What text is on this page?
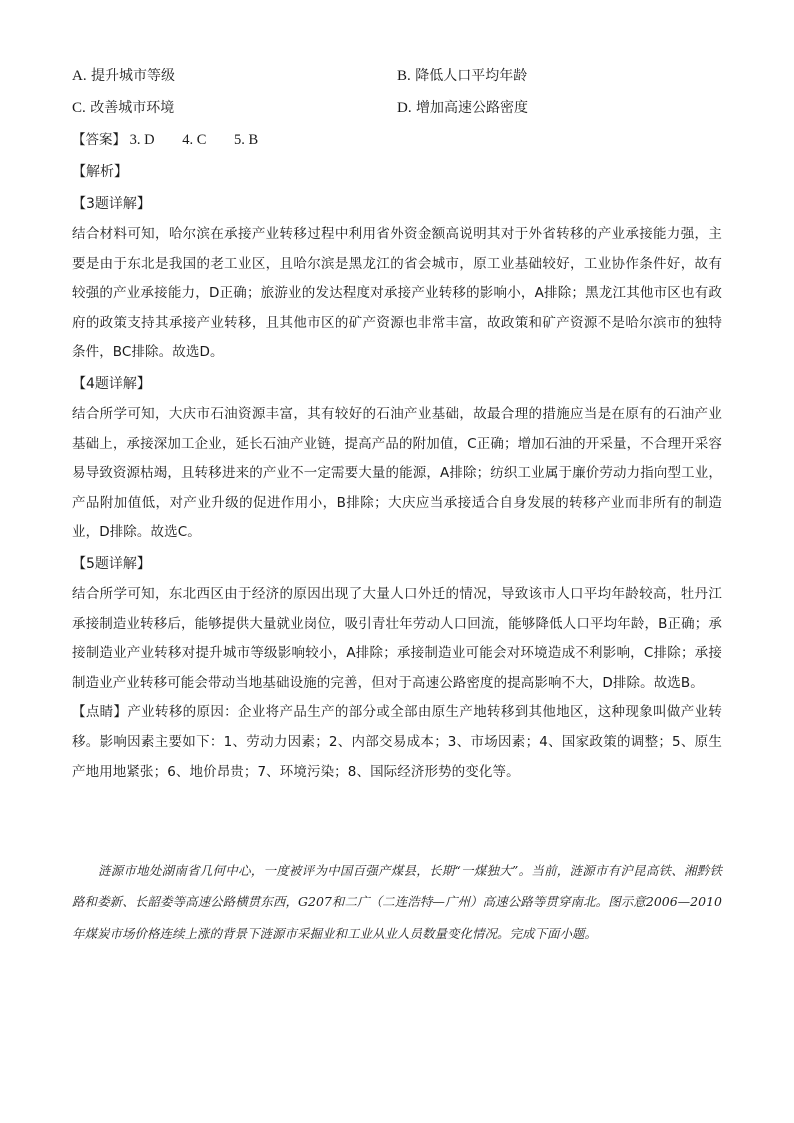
A. 提升城市等级	B. 降低人口平均年龄
C. 改善城市环境	D. 增加高速公路密度
【答案】 3. D 4. C 5. B
【解析】
【3题详解】

结合材料可知，哈尔滨在承接产业转移过程中利用省外资金额高说明其对于外省转移的产业承接能力强，主要是由于东北是我国的老工业区，且哈尔滨是黑龙江的省会城市，原工业基础较好，工业协作条件好，故有较强的产业承接能力，D正确；旅游业的发达程度对承接产业转移的影响小，A排除；黑龙江其他市区也有政府的政策支持其承接产业转移，且其他市区的矿产资源也非常丰富，故政策和矿产资源不是哈尔滨市的独特条件，BC排除。故选D。

【4题详解】

结合所学可知，大庆市石油资源丰富，其有较好的石油产业基础，故最合理的措施应当是在原有的石油产业基础上，承接深加工企业，延长石油产业链，提高产品的附加值，C正确；增加石油的开采量，不合理开采容易导致资源枯竭，且转移进来的产业不一定需要大量的能源，A排除；纺织工业属于廉价劳动力指向型工业，产品附加值低，对产业升级的促进作用小，B排除；大庆应当承接适合自身发展的转移产业而非所有的制造业，D排除。故选C。

【5题详解】

结合所学可知，东北西区由于经济的原因出现了大量人口外迁的情况，导致该市人口平均年龄较高，牡丹江承接制造业转移后，能够提供大量就业岗位，吸引青壮年劳动人口回流，能够降低人口平均年龄，B正确；承接制造业产业转移对提升城市等级影响较小，A排除；承接制造业可能会对环境造成不利影响，C排除；承接制造业产业转移可能会带动当地基础设施的完善，但对于高速公路密度的提高影响不大，D排除。故选B。

【点睛】产业转移的原因：企业将产品生产的部分或全部由原生产地转移到其他地区，这种现象叫做产业转移。影响因素主要如下：1、劳动力因素；2、内部交易成本；3、市场因素；4、国家政策的调整；5、原生产地用地紧张；6、地价昂贵；7、环境污染；8、国际经济形势的变化等。

涟源市地处湖南省几何中心，一度被评为中国百强产煤县，长期“一煤独大”。当前，涟源市有沪昆高铁、湘黔铁路和娄新、长韶娄等高速公路横贯东西，G207和二广（二连浩特—广州）高速公路等贯穿南北。图示意2006—2010年煤炭市场价格连续上涨的背景下涟源市采掘业和工业从业人员数量变化情况。完成下面小题。
